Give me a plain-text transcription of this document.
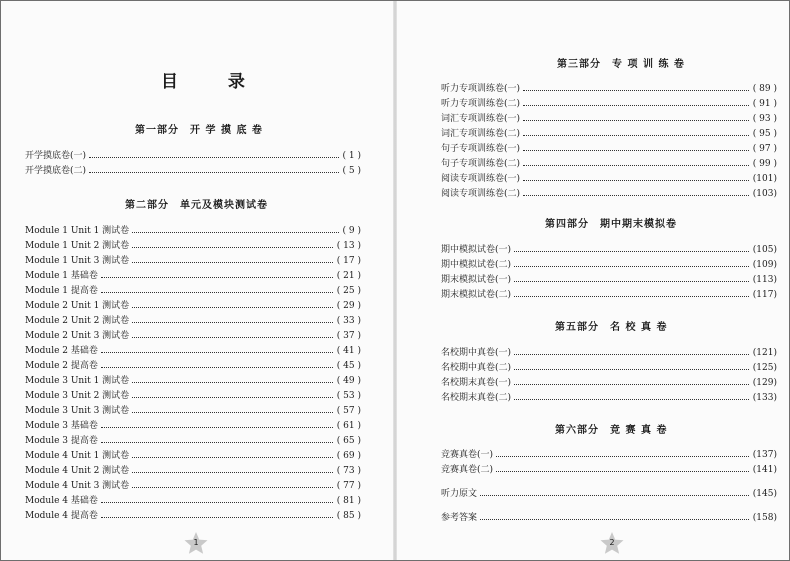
目 录
第一部分　开 学 摸 底 卷
开学摸底卷(一)	( 1 )
开学摸底卷(二)	( 5 )
第二部分　单元及模块测试卷
Module 1 Unit 1 测试卷	( 9 )
Module 1 Unit 2 测试卷	( 13 )
Module 1 Unit 3 测试卷	( 17 )
Module 1 基础卷	( 21 )
Module 1 提高卷	( 25 )
Module 2 Unit 1 测试卷	( 29 )
Module 2 Unit 2 测试卷	( 33 )
Module 2 Unit 3 测试卷	( 37 )
Module 2 基础卷	( 41 )
Module 2 提高卷	( 45 )
Module 3 Unit 1 测试卷	( 49 )
Module 3 Unit 2 测试卷	( 53 )
Module 3 Unit 3 测试卷	( 57 )
Module 3 基础卷	( 61 )
Module 3 提高卷	( 65 )
Module 4 Unit 1 测试卷	( 69 )
Module 4 Unit 2 测试卷	( 73 )
Module 4 Unit 3 测试卷	( 77 )
Module 4 基础卷	( 81 )
Module 4 提高卷	( 85 )
1
第三部分　专 项 训 练 卷
听力专项训练卷(一)	( 89 )
听力专项训练卷(二)	( 91 )
词汇专项训练卷(一)	( 93 )
词汇专项训练卷(二)	( 95 )
句子专项训练卷(一)	( 97 )
句子专项训练卷(二)	( 99 )
阅读专项训练卷(一)	(101)
阅读专项训练卷(二)	(103)
第四部分　期中期末模拟卷
期中模拟试卷(一)	(105)
期中模拟试卷(二)	(109)
期末模拟试卷(一)	(113)
期末模拟试卷(二)	(117)
第五部分　名 校 真 卷
名校期中真卷(一)	(121)
名校期中真卷(二)	(125)
名校期末真卷(一)	(129)
名校期末真卷(二)	(133)
第六部分　竞 赛 真 卷
竞赛真卷(一)	(137)
竞赛真卷(二)	(141)
听力原文	(145)
参考答案	(158)
2
